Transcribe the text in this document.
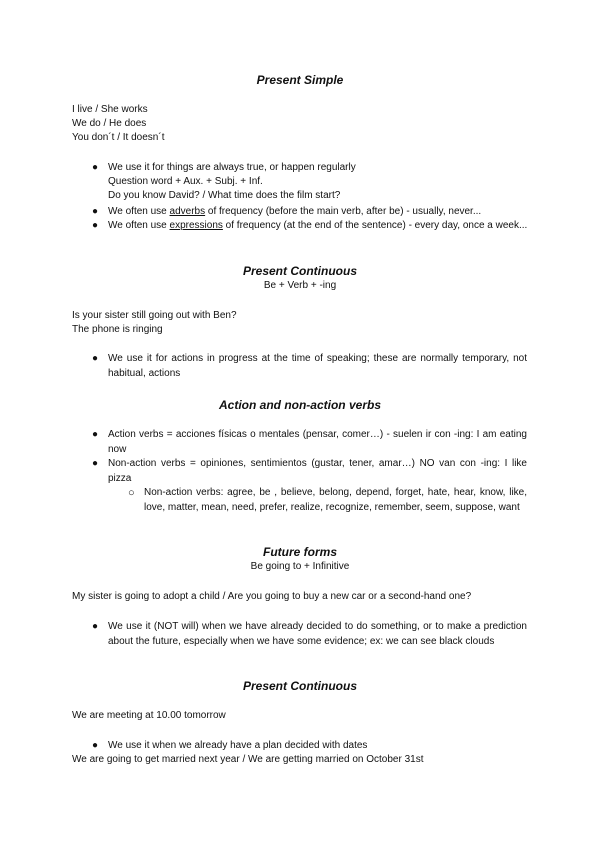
Present Simple
I live / She works
We do / He does
You don´t / It doesn´t
● We use it for things are always true, or happen regularly
Question word + Aux. + Subj. + Inf.
Do you know David? / What time does the film start?
● We often use adverbs of frequency (before the main verb, after be) - usually, never...
● We often use expressions of frequency (at the end of the sentence) - every day, once a week...
Present Continuous
Be + Verb + -ing
Is your sister still going out with Ben?
The phone is ringing
● We use it for actions in progress at the time of speaking; these are normally temporary, not habitual, actions
Action and non-action verbs
● Action verbs = acciones físicas o mentales (pensar, comer…) - suelen ir con -ing: I am eating now
● Non-action verbs = opiniones, sentimientos (gustar, tener, amar…) NO van con -ing: I like pizza
○ Non-action verbs: agree, be , believe, belong, depend, forget, hate, hear, know, like, love, matter, mean, need, prefer, realize, recognize, remember, seem, suppose, want
Future forms
Be going to + Infinitive
My sister is going to adopt a child / Are you going to buy a new car or a second-hand one?
● We use it (NOT will) when we have already decided to do something, or to make a prediction about the future, especially when we have some evidence; ex: we can see black clouds
Present Continuous
We are meeting at 10.00 tomorrow
● We use it when we already have a plan decided with dates
We are going to get married next year / We are getting married on October 31st
